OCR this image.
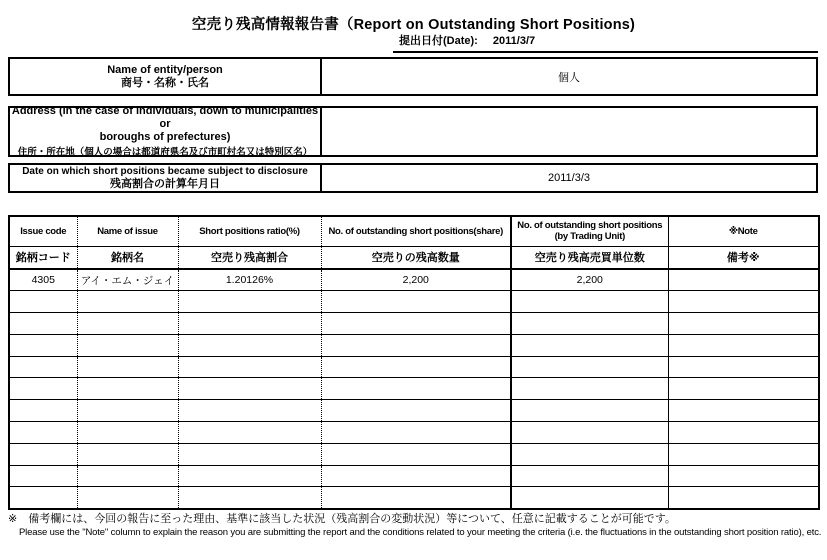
空売り残高情報報告書（Report on Outstanding Short Positions)
提出日付(Date): 2011/3/7
Name of entity/person
商号・名称・氏名	個人
Address (in the case of individuals, down to municipalities or
boroughs of prefectures)
住所・所在地（個人の場合は都道府県名及び市町村名又は特別区名）
Date on which short positions became subject to disclosure
残高割合の計算年月日	2011/3/3
Issue code	Name of issue	Short positions ratio(%)	No. of outstanding short positions(share)	No. of outstanding short positions
(by Trading Unit)	※Note
銘柄コード	銘柄名	空売り残高割合	空売りの残高数量	空売り残高売買単位数	備考※
4305	アイ・エム・ジェイ	1.20126%	2,200	2,200	

※　備考欄には、今回の報告に至った理由、基準に該当した状況（残高割合の変動状況）等について、任意に記載することが可能です。
Please use the "Note" column to explain the reason you are submitting the report and the conditions related to your meeting the criteria (i.e. the fluctuations in the outstanding short position ratio), etc.
